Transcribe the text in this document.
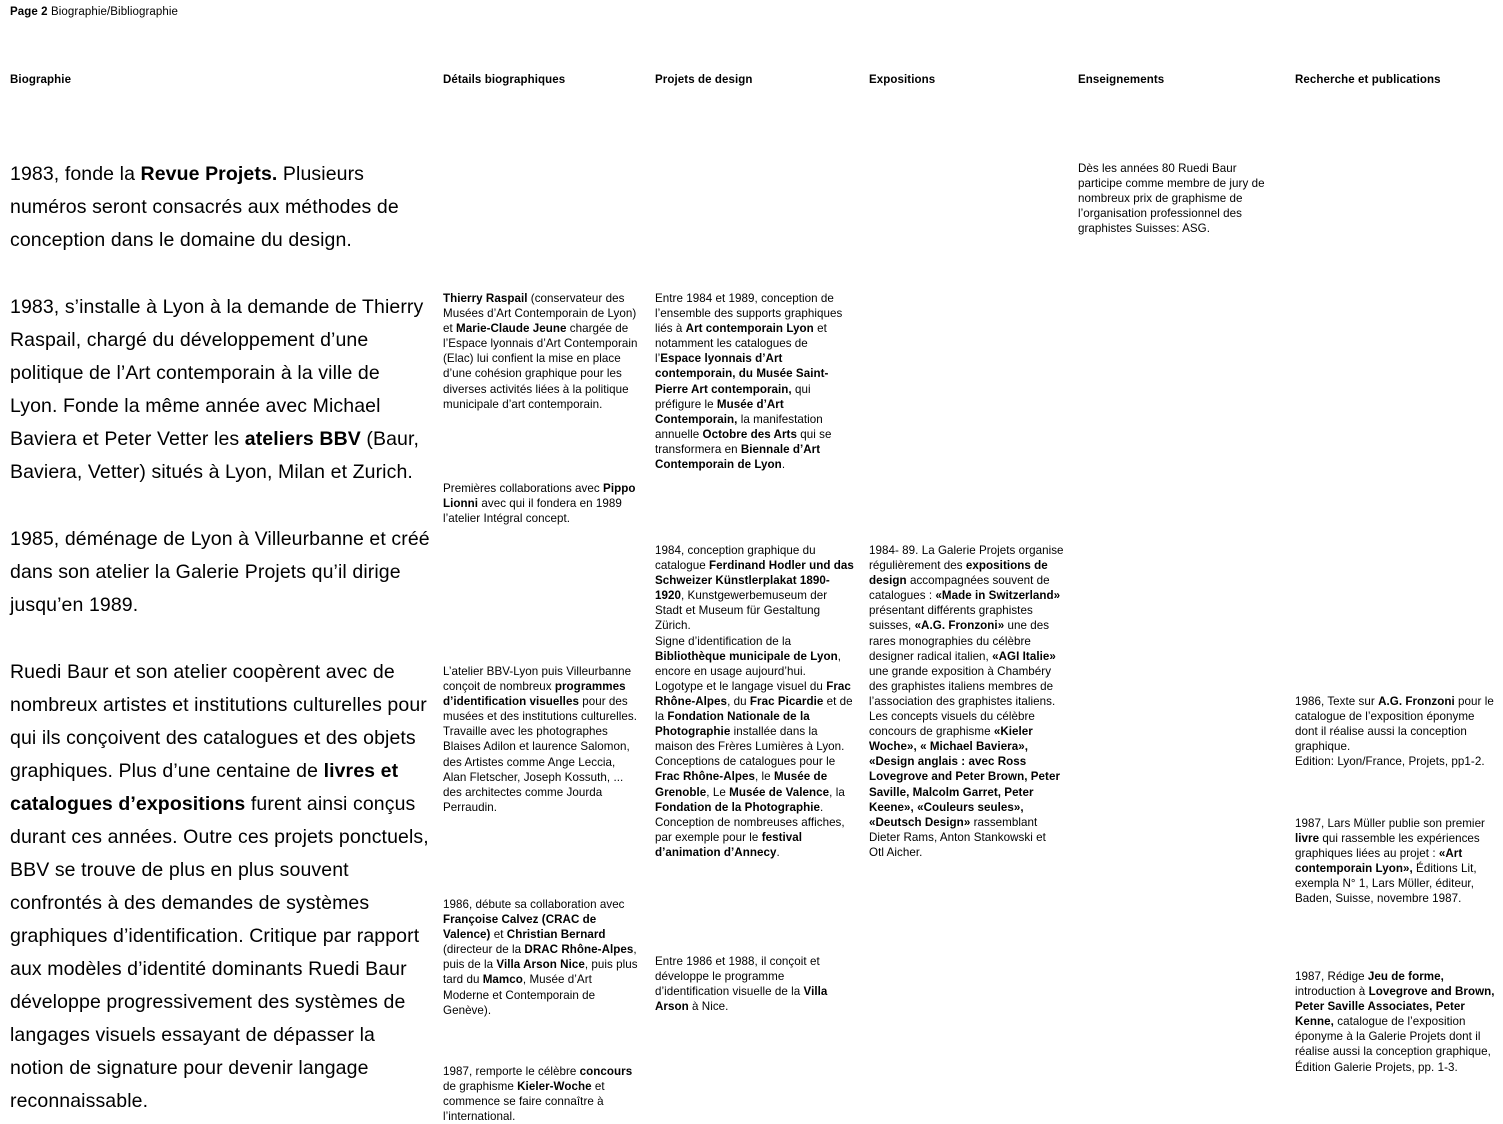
Page 2 Biographie/Bibliographie
Biographie
1983, fonde la Revue Projets. Plusieurs numéros seront consacrés aux méthodes de conception dans le domaine du design.
1983, s’installe à Lyon à la demande de Thierry Raspail, chargé du développement d’une politique de l’Art contemporain à la ville de Lyon. Fonde la même année avec Michael Baviera et Peter Vetter les ateliers BBV (Baur, Baviera, Vetter) situés à Lyon, Milan et Zurich.
1985, déménage de Lyon à Villeurbanne et créé dans son atelier la Galerie Projets qu’il dirige jusqu’en 1989.
Ruedi Baur et son atelier coopèrent avec de nombreux artistes et institutions culturelles pour qui ils conçoivent des catalogues et des objets graphiques. Plus d’une centaine de livres et catalogues d’expositions furent ainsi conçus durant ces années. Outre ces projets ponctuels, BBV se trouve de plus en plus souvent confrontés à des demandes de systèmes graphiques d’identification. Critique par rapport aux modèles d’identité dominants Ruedi Baur développe progressivement des systèmes de langages visuels essayant de dépasser la notion de signature pour devenir langage reconnaissable.
Détails biographiques
Thierry Raspail (conservateur des Musées d’Art Contemporain de Lyon) et Marie-Claude Jeune chargée de l’Espace lyonnais d’Art Contemporain (Elac) lui confient la mise en place d’une cohésion graphique pour les diverses activités liées à la politique municipale d’art contemporain.
Premières collaborations avec Pippo Lionni avec qui il fondera en 1989 l’atelier Intégral concept.
L’atelier BBV-Lyon puis Villeurbanne conçoit de nombreux programmes d’identification visuelles pour des musées et des institutions culturelles.
Travaille avec les photographes Blaises Adilon et laurence Salomon, des Artistes comme Ange Leccia, Alan Fletscher, Joseph Kossuth, ... des architectes comme Jourda Perraudin.
1986, débute sa collaboration avec Françoise Calvez (CRAC de Valence) et Christian Bernard (directeur de la DRAC Rhône-Alpes, puis de la Villa Arson Nice, puis plus tard du Mamco, Musée d’Art Moderne et Contemporain de Genève).
1987, remporte le célèbre concours de graphisme Kieler-Woche et commence se faire connaître à l’international.
Projets de design
Entre 1984 et 1989, conception de l’ensemble des supports graphiques liés à Art contemporain Lyon et notamment les catalogues de l’Espace lyonnais d’Art contemporain, du Musée Saint-Pierre Art contemporain, qui préfigure le Musée d’Art Contemporain, la manifestation annuelle Octobre des Arts qui se transformera en Biennale d’Art Contemporain de Lyon.
1984, conception graphique du catalogue Ferdinand Hodler und das Schweizer Künstlerplakat 1890-1920, Kunstgewerbemuseum der Stadt et Museum für Gestaltung Zürich.
Signe d’identification de la Bibliothèque municipale de Lyon, encore en usage aujourd’hui.
Logotype et le langage visuel du Frac Rhône-Alpes, du Frac Picardie et de la Fondation Nationale de la Photographie installée dans la maison des Frères Lumières à Lyon.
Conceptions de catalogues pour le Frac Rhône-Alpes, le Musée de Grenoble, Le Musée de Valence, la Fondation de la Photographie.
Conception de nombreuses affiches, par exemple pour le festival d’animation d’Annecy.
Entre 1986 et 1988, il conçoit et développe le programme d’identification visuelle de la Villa Arson à Nice.
Expositions
1984- 89. La Galerie Projets organise régulièrement des expositions de design accompagnées souvent de catalogues : «Made in Switzerland» présentant différents graphistes suisses, «A.G. Fronzoni» une des rares monographies du célèbre designer radical italien, «AGI Italie» une grande exposition à Chambéry des graphistes italiens membres de l’association des graphistes italiens.
Les concepts visuels du célèbre concours de graphisme «Kieler Woche», « Michael Baviera», «Design anglais : avec Ross Lovegrove and Peter Brown, Peter Saville, Malcolm Garret, Peter Keene», «Couleurs seules», «Deutsch Design» rassemblant Dieter Rams, Anton Stankowski et Otl Aicher.
Enseignements
Dès les années 80 Ruedi Baur participe comme membre de jury de nombreux prix de graphisme de l’organisation professionnel des graphistes Suisses: ASG.
Recherche et publications
1986, Texte sur A.G. Fronzoni pour le catalogue de l’exposition éponyme dont il réalise aussi la conception graphique.
Edition: Lyon/France, Projets, pp1-2.
1987, Lars Müller publie son premier livre qui rassemble les expériences graphiques liées au projet : «Art contemporain Lyon», Éditions Lit, exempla N° 1, Lars Mϋller, éditeur, Baden, Suisse, novembre 1987.
1987, Rédige Jeu de forme, introduction à Lovegrove and Brown, Peter Saville Associates, Peter Kenne, catalogue de l’exposition éponyme à la Galerie Projets dont il réalise aussi la conception graphique, Édition Galerie Projets, pp. 1-3.
